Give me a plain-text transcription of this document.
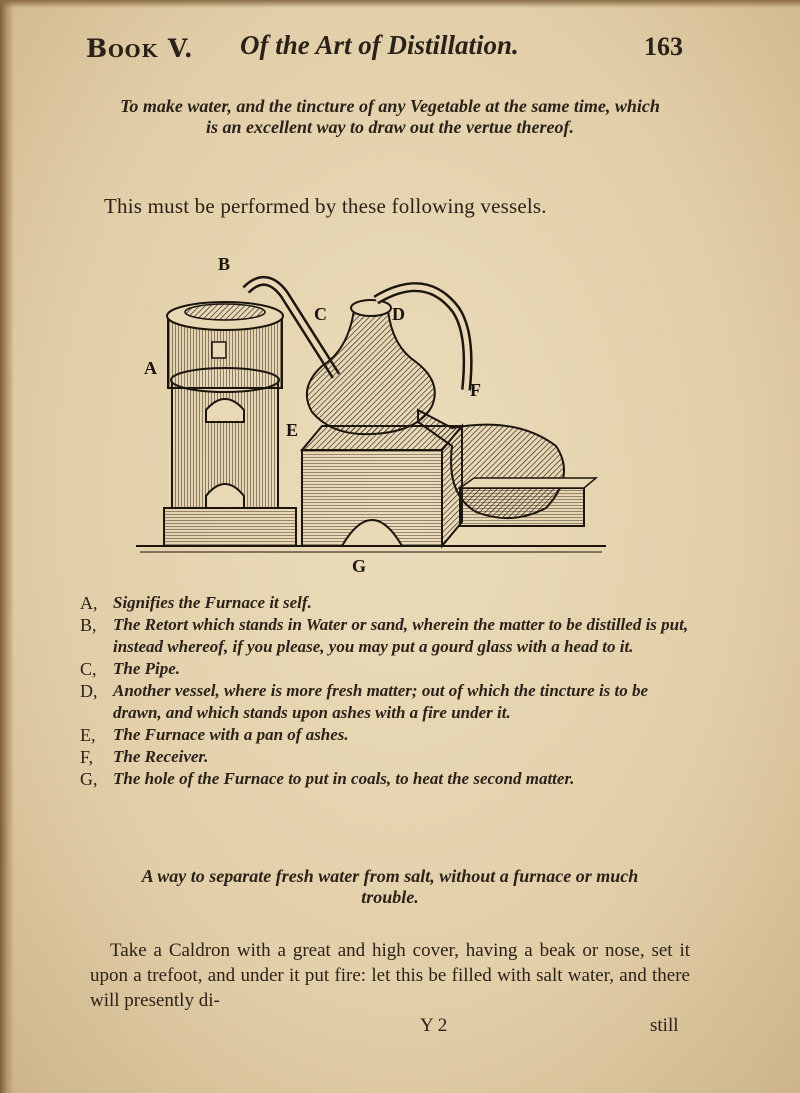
Book V. Of the Art of Distillation.	163
To make water, and the tincture of any Vegetable at the same time, which is an excellent way to draw out the vertue thereof.
This must be performed by these following vessels.
B
A
C	D
E
F
G
A, Signifies the Furnace it self.
B, The Retort which stands in Water or sand, wherein the matter to be distilled is put, instead whereof, if you please, you may put a gourd glass with a head to it.
C, The Pipe.
D, Another vessel, where is more fresh matter; out of which the tincture is to be drawn, and which stands upon ashes with a fire under it.
E,	The Furnace with a pan of ashes.
F,	The Receiver.
G, The hole of the Furnace to put in coals, to heat the second matter.
A way to separate fresh water from salt, without a furnace or much trouble.
Take a Caldron with a great and high cover, having a beak or nose, set it upon a trefoot, and under it put fire: let this be filled with salt water, and there will presently di-
Y 2	still
